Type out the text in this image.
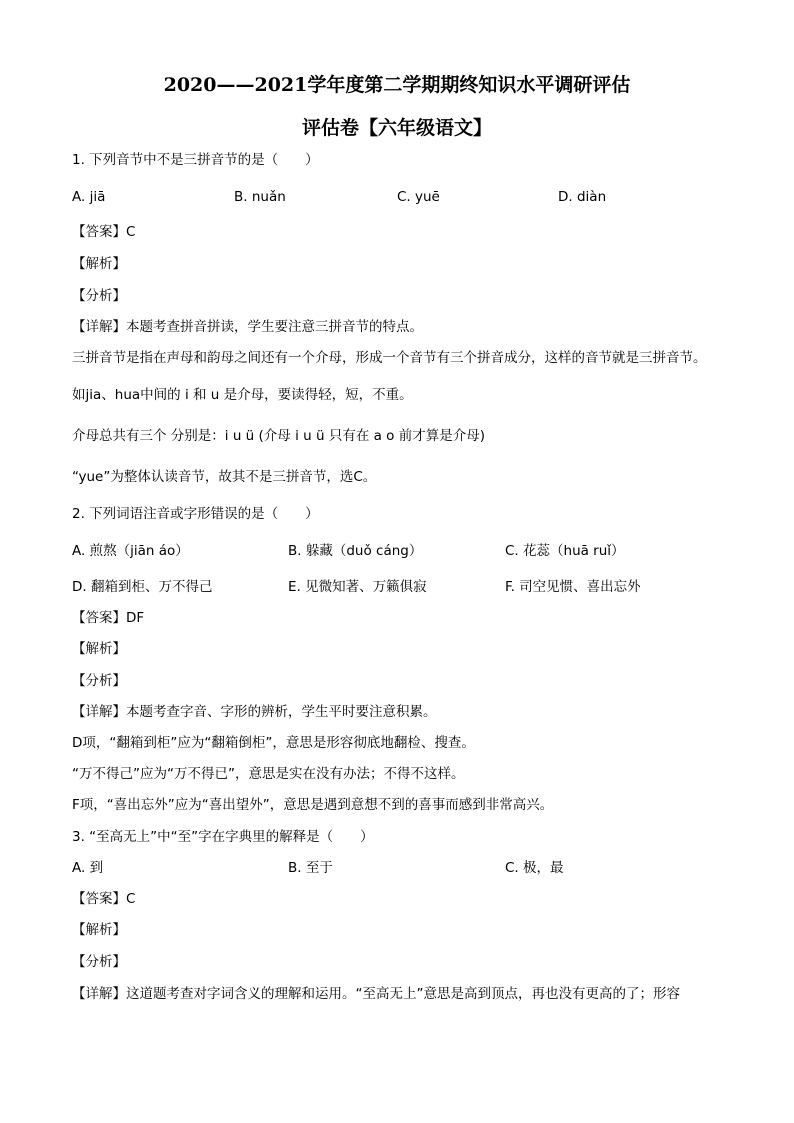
2020——2021学年度第二学期期终知识水平调研评估
评估卷【六年级语文】
1. 下列音节中不是三拼音节的是（　　）
A. jiā	B. nuǎn	C. yuē	D. diàn
【答案】C
【解析】
【分析】
【详解】本题考查拼音拼读，学生要注意三拼音节的特点。
三拼音节是指在声母和韵母之间还有一个介母，形成一个音节有三个拼音成分，这样的音节就是三拼音节。
如jia、hua中间的 i 和 u 是介母，要读得轻，短，不重。
介母总共有三个 分别是：i u ü (介母 i u ü 只有在 a o 前才算是介母)
“yue”为整体认读音节，故其不是三拼音节，选C。
2. 下列词语注音或字形错误的是（　　）
A. 煎熬（jiān áo）	B. 躲藏（duǒ cáng）	C. 花蕊（huā ruǐ）
D. 翻箱到柜、万不得己	E. 见微知著、万籁俱寂	F. 司空见惯、喜出忘外
【答案】DF
【解析】
【分析】
【详解】本题考查字音、字形的辨析，学生平时要注意积累。
D项，“翻箱到柜”应为“翻箱倒柜”，意思是形容彻底地翻检、搜查。
“万不得己”应为“万不得已”，意思是实在没有办法；不得不这样。
F项，“喜出忘外”应为“喜出望外”，意思是遇到意想不到的喜事而感到非常高兴。
3. “至高无上”中“至”字在字典里的解释是（　　）
A. 到	B. 至于	C. 极，最
【答案】C
【解析】
【分析】
【详解】这道题考查对字词含义的理解和运用。“至高无上”意思是高到顶点，再也没有更高的了；形容
